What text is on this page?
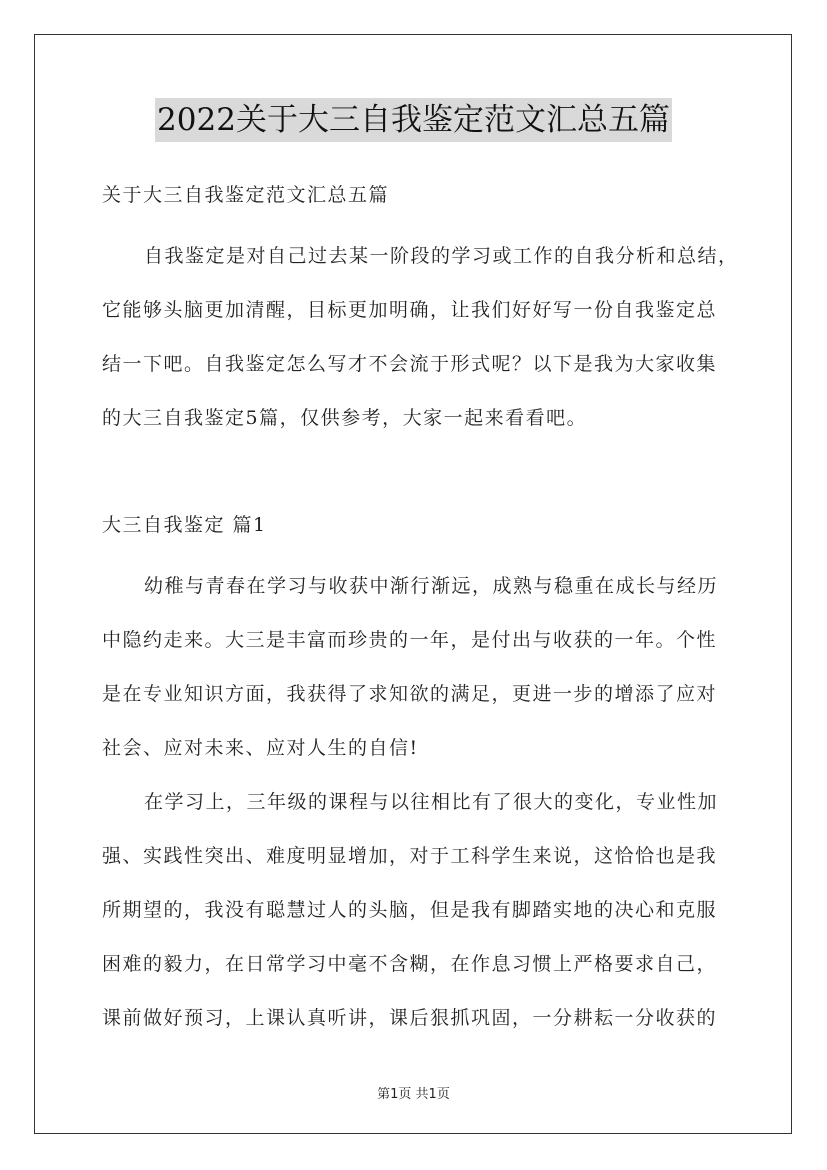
2022关于大三自我鉴定范文汇总五篇
关于大三自我鉴定范文汇总五篇
自我鉴定是对自己过去某一阶段的学习或工作的自我分析和总结，
它能够头脑更加清醒，目标更加明确，让我们好好写一份自我鉴定总
结一下吧。自我鉴定怎么写才不会流于形式呢？以下是我为大家收集
的大三自我鉴定5篇，仅供参考，大家一起来看看吧。
大三自我鉴定 篇1
幼稚与青春在学习与收获中渐行渐远，成熟与稳重在成长与经历
中隐约走来。大三是丰富而珍贵的一年，是付出与收获的一年。个性
是在专业知识方面，我获得了求知欲的满足，更进一步的增添了应对
社会、应对未来、应对人生的自信!
在学习上，三年级的课程与以往相比有了很大的变化，专业性加
强、实践性突出、难度明显增加，对于工科学生来说，这恰恰也是我
所期望的，我没有聪慧过人的头脑，但是我有脚踏实地的决心和克服
困难的毅力，在日常学习中毫不含糊，在作息习惯上严格要求自己，
课前做好预习，上课认真听讲，课后狠抓巩固，一分耕耘一分收获的
第1页 共1页
